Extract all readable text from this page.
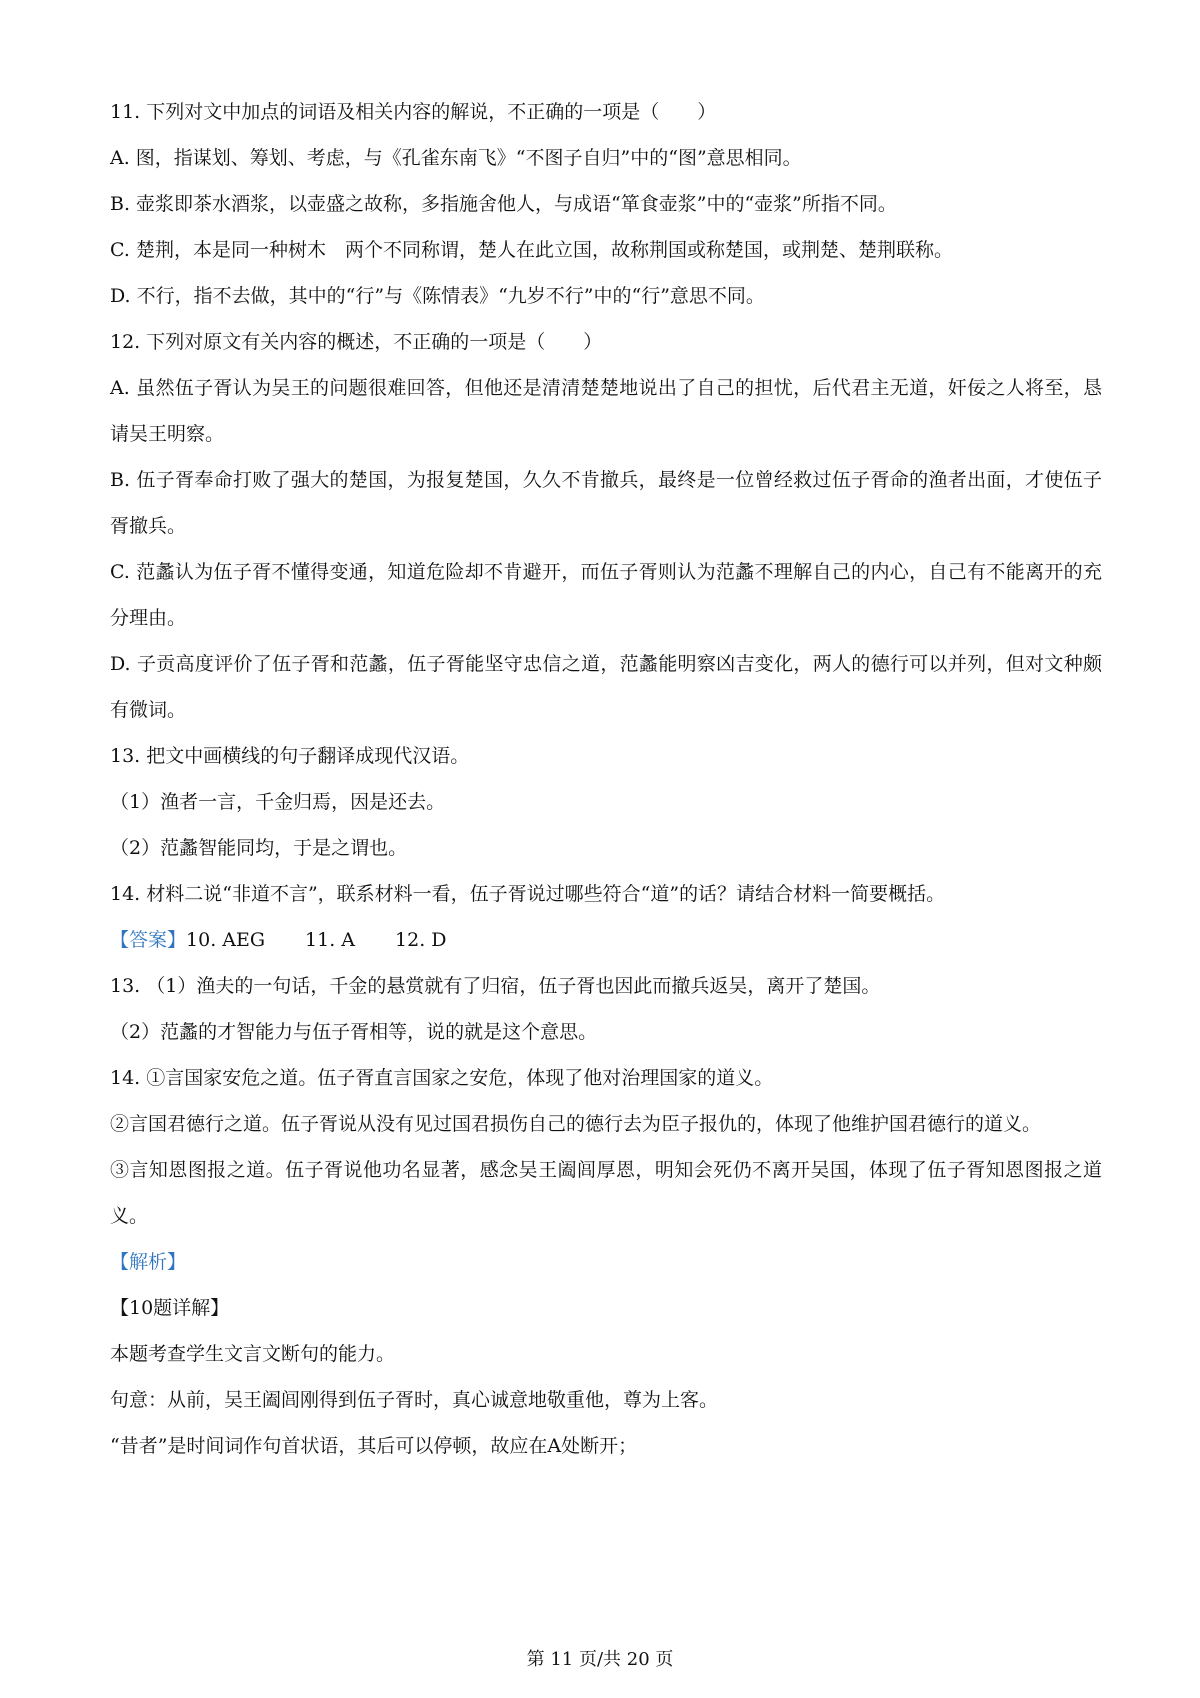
11. 下列对文中加点的词语及相关内容的解说，不正确的一项是（　　）
A. 图，指谋划、筹划、考虑，与《孔雀东南飞》“不图子自归”中的“图”意思相同。
B. 壶浆即茶水酒浆，以壶盛之故称，多指施舍他人，与成语“箪食壶浆”中的“壶浆”所指不同。
C. 楚荆，本是同一种树木　两个不同称谓，楚人在此立国，故称荆国或称楚国，或荆楚、楚荆联称。
D. 不行，指不去做，其中的“行”与《陈情表》“九岁不行”中的“行”意思不同。
12. 下列对原文有关内容的概述，不正确的一项是（　　）
A. 虽然伍子胥认为吴王的问题很难回答，但他还是清清楚楚地说出了自己的担忧，后代君主无道，奸佞之人将至，恳请吴王明察。
B. 伍子胥奉命打败了强大的楚国，为报复楚国，久久不肯撤兵，最终是一位曾经救过伍子胥命的渔者出面，才使伍子胥撤兵。
C. 范蠡认为伍子胥不懂得变通，知道危险却不肯避开，而伍子胥则认为范蠡不理解自己的内心，自己有不能离开的充分理由。
D. 子贡高度评价了伍子胥和范蠡，伍子胥能坚守忠信之道，范蠡能明察凶吉变化，两人的德行可以并列，但对文种颇有微词。
13. 把文中画横线的句子翻译成现代汉语。
（1）渔者一言，千金归焉，因是还去。
（2）范蠡智能同均，于是之谓也。
14. 材料二说“非道不言”，联系材料一看，伍子胥说过哪些符合“道”的话？请结合材料一简要概括。
【答案】10. AEG 11. A 12. D
13. （1）渔夫的一句话，千金的悬赏就有了归宿，伍子胥也因此而撤兵返吴，离开了楚国。
（2）范蠡的才智能力与伍子胥相等，说的就是这个意思。
14. ①言国家安危之道。伍子胥直言国家之安危，体现了他对治理国家的道义。
②言国君德行之道。伍子胥说从没有见过国君损伤自己的德行去为臣子报仇的，体现了他维护国君德行的道义。
③言知恩图报之道。伍子胥说他功名显著，感念吴王阖闾厚恩，明知会死仍不离开吴国，体现了伍子胥知恩图报之道义。
【解析】
【10题详解】
本题考查学生文言文断句的能力。
句意：从前，吴王阖闾刚得到伍子胥时，真心诚意地敬重他，尊为上客。
“昔者”是时间词作句首状语，其后可以停顿，故应在A处断开；
第 11 页/共 20 页
